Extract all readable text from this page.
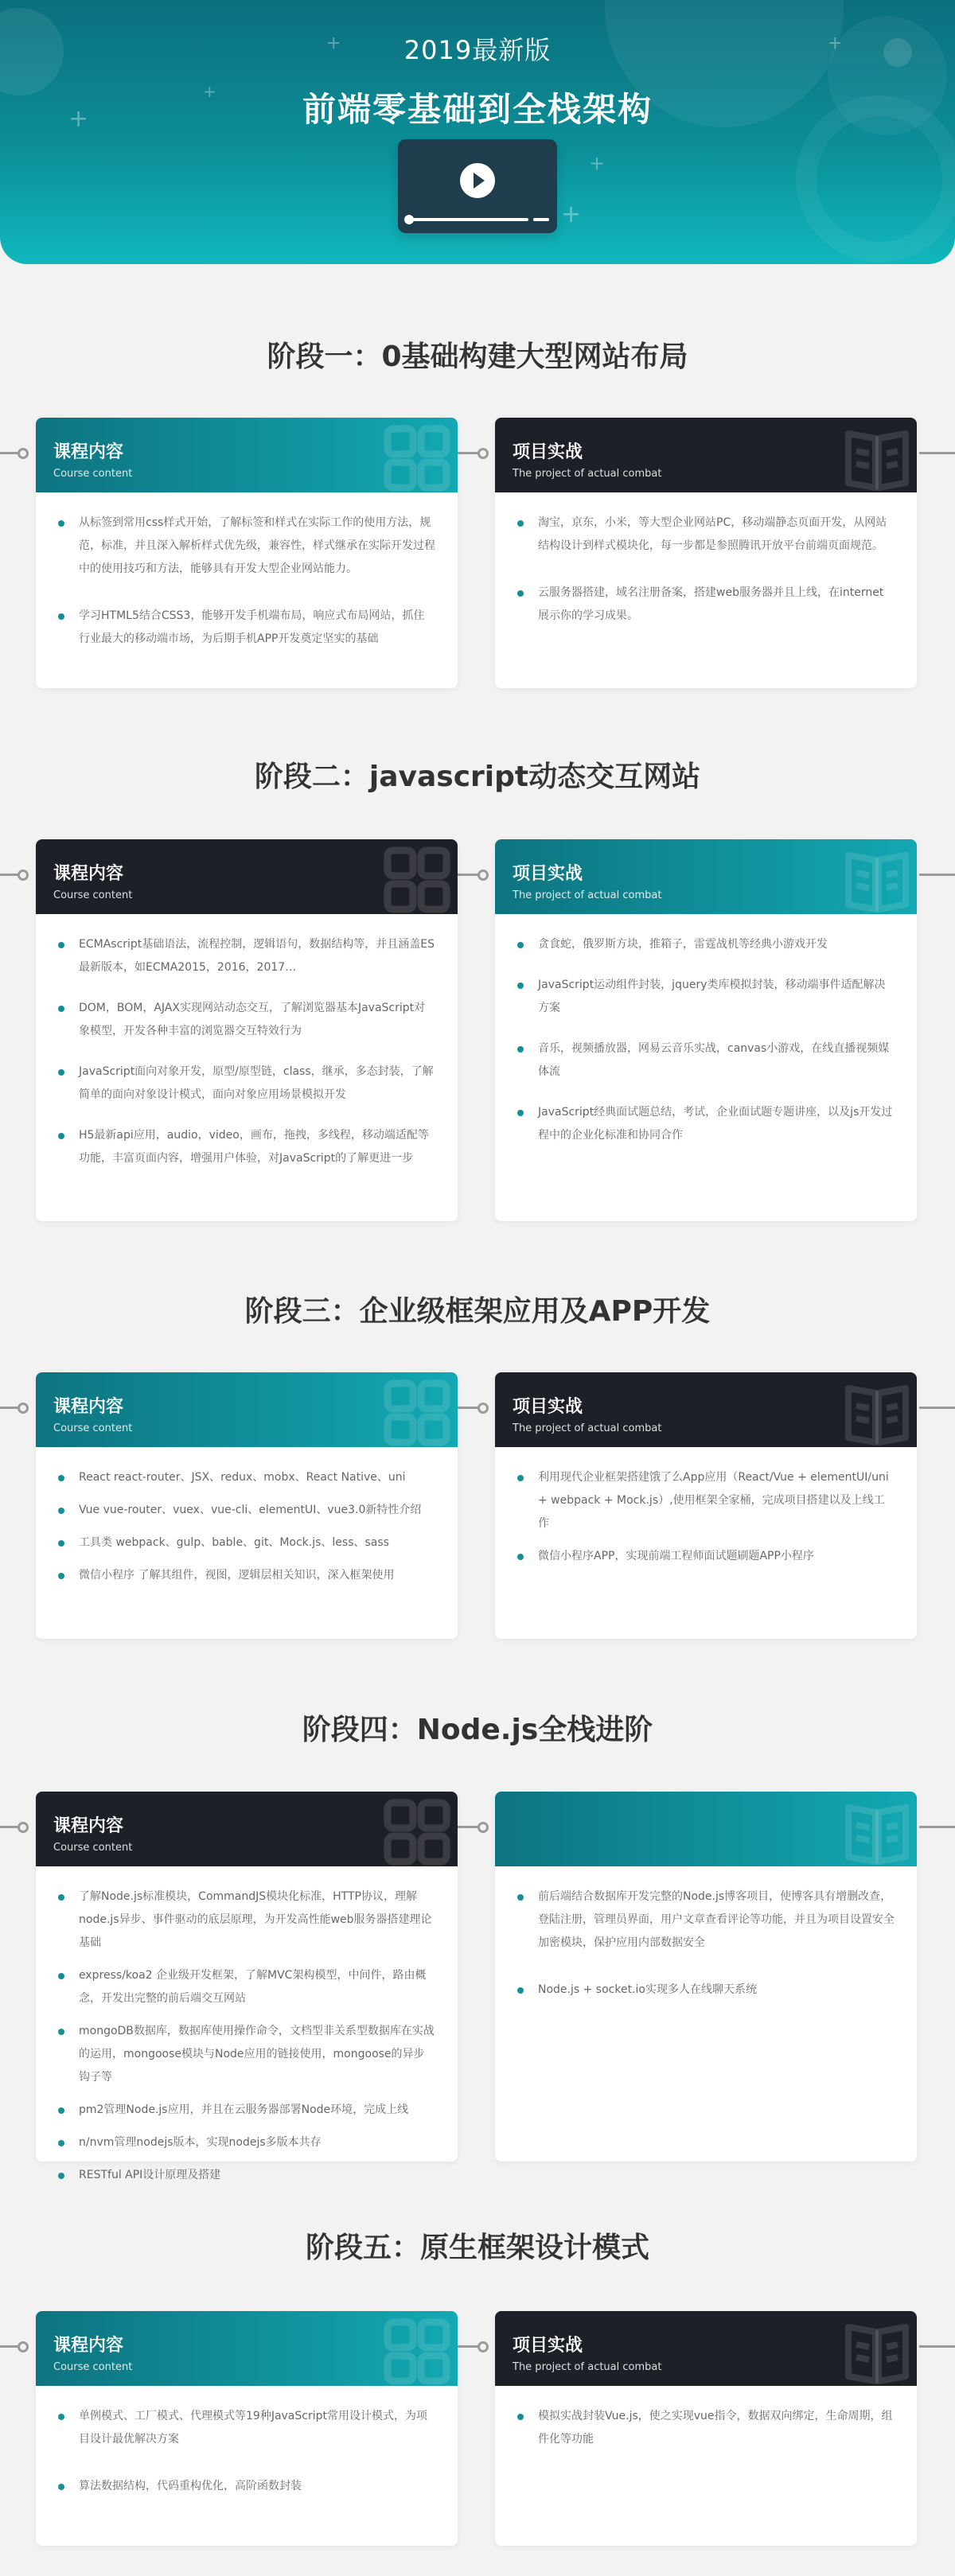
+
+
+
+
+
+
2019最新版
前端零基础到全栈架构
阶段一：0基础构建大型网站布局
课程内容
Course content
从标签到常用css样式开始，了解标签和样式在实际工作的使用方法，规范，标准，并且深入解析样式优先级，兼容性，样式继承在实际开发过程中的使用技巧和方法，能够具有开发大型企业网站能力。
学习HTML5结合CSS3，能够开发手机端布局，响应式布局网站，抓住行业最大的移动端市场，为后期手机APP开发奠定坚实的基础
项目实战
The project of actual combat
淘宝，京东，小米，等大型企业网站PC，移动端静态页面开发，从网站结构设计到样式模块化，每一步都是参照腾讯开放平台前端页面规范。
云服务器搭建，域名注册备案，搭建web服务器并且上线，在internet展示你的学习成果。
阶段二：javascript动态交互网站
课程内容
Course content
ECMAscript基础语法，流程控制，逻辑语句，数据结构等，并且涵盖ES最新版本，如ECMA2015，2016，2017…
DOM，BOM，AJAX实现网站动态交互，了解浏览器基本JavaScript对象模型，开发各种丰富的浏览器交互特效行为
JavaScript面向对象开发，原型/原型链，class，继承，多态封装，了解简单的面向对象设计模式，面向对象应用场景模拟开发
H5最新api应用，audio，video，画布，拖拽，多线程，移动端适配等功能，丰富页面内容，增强用户体验，对JavaScript的了解更进一步
项目实战
The project of actual combat
贪食蛇，俄罗斯方块，推箱子，雷霆战机等经典小游戏开发
JavaScript运动组件封装，jquery类库模拟封装，移动端事件适配解决方案
音乐，视频播放器，网易云音乐实战，canvas小游戏，在线直播视频媒体流
JavaScript经典面试题总结，考试，企业面试题专题讲座，以及js开发过程中的企业化标准和协同合作
阶段三：企业级框架应用及APP开发
课程内容
Course content
React react-router、JSX、redux、mobx、React Native、uni
Vue vue-router、vuex、vue-cli、elementUI、vue3.0新特性介绍
工具类 webpack、gulp、bable、git、Mock.js、less、sass
微信小程序 了解其组件，视图，逻辑层相关知识，深入框架使用
项目实战
The project of actual combat
利用现代企业框架搭建饿了么App应用（React/Vue + elementUI/uni + webpack + Mock.js）,使用框架全家桶，完成项目搭建以及上线工作
微信小程序APP，实现前端工程师面试题刷题APP小程序
阶段四：Node.js全栈进阶
课程内容
Course content
了解Node.js标准模块，CommandJS模块化标准，HTTP协议，理解node.js异步、事件驱动的底层原理，为开发高性能web服务器搭建理论基础
express/koa2 企业级开发框架，了解MVC架构模型，中间件，路由概念，开发出完整的前后端交互网站
mongoDB数据库，数据库使用操作命令，文档型非关系型数据库在实战的运用，mongoose模块与Node应用的链接使用，mongoose的异步钩子等
pm2管理Node.js应用，并且在云服务器部署Node环境，完成上线
n/nvm管理nodejs版本，实现nodejs多版本共存
RESTful API设计原理及搭建
前后端结合数据库开发完整的Node.js博客项目，使博客具有增删改查，登陆注册，管理员界面，用户文章查看评论等功能，并且为项目设置安全加密模块，保护应用内部数据安全
Node.js + socket.io实现多人在线聊天系统
阶段五：原生框架设计模式
课程内容
Course content
单例模式、工厂模式、代理模式等19种JavaScript常用设计模式，为项目设计最优解决方案
算法数据结构，代码重构优化，高阶函数封装
项目实战
The project of actual combat
模拟实战封装Vue.js，使之实现vue指令，数据双向绑定，生命周期，组件化等功能
